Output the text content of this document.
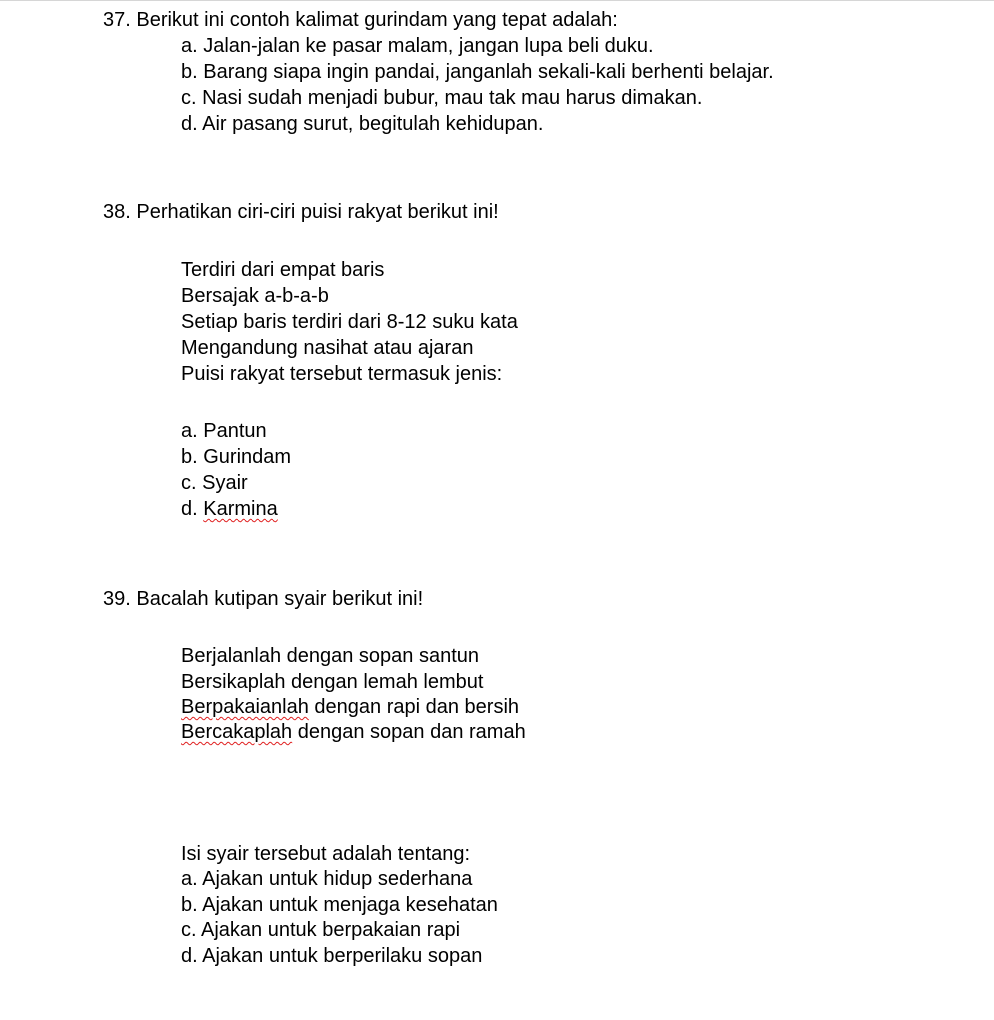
37. Berikut ini contoh kalimat gurindam yang tepat adalah:
a. Jalan-jalan ke pasar malam, jangan lupa beli duku.
b. Barang siapa ingin pandai, janganlah sekali-kali berhenti belajar.
c. Nasi sudah menjadi bubur, mau tak mau harus dimakan.
d. Air pasang surut, begitulah kehidupan.
38. Perhatikan ciri-ciri puisi rakyat berikut ini!
Terdiri dari empat baris
Bersajak a-b-a-b
Setiap baris terdiri dari 8-12 suku kata
Mengandung nasihat atau ajaran
Puisi rakyat tersebut termasuk jenis:
a. Pantun
b. Gurindam
c. Syair
d. Karmina
39. Bacalah kutipan syair berikut ini!
Berjalanlah dengan sopan santun
Bersikaplah dengan lemah lembut
Berpakaianlah dengan rapi dan bersih
Bercakaplah dengan sopan dan ramah
Isi syair tersebut adalah tentang:
a. Ajakan untuk hidup sederhana
b. Ajakan untuk menjaga kesehatan
c. Ajakan untuk berpakaian rapi
d. Ajakan untuk berperilaku sopan
